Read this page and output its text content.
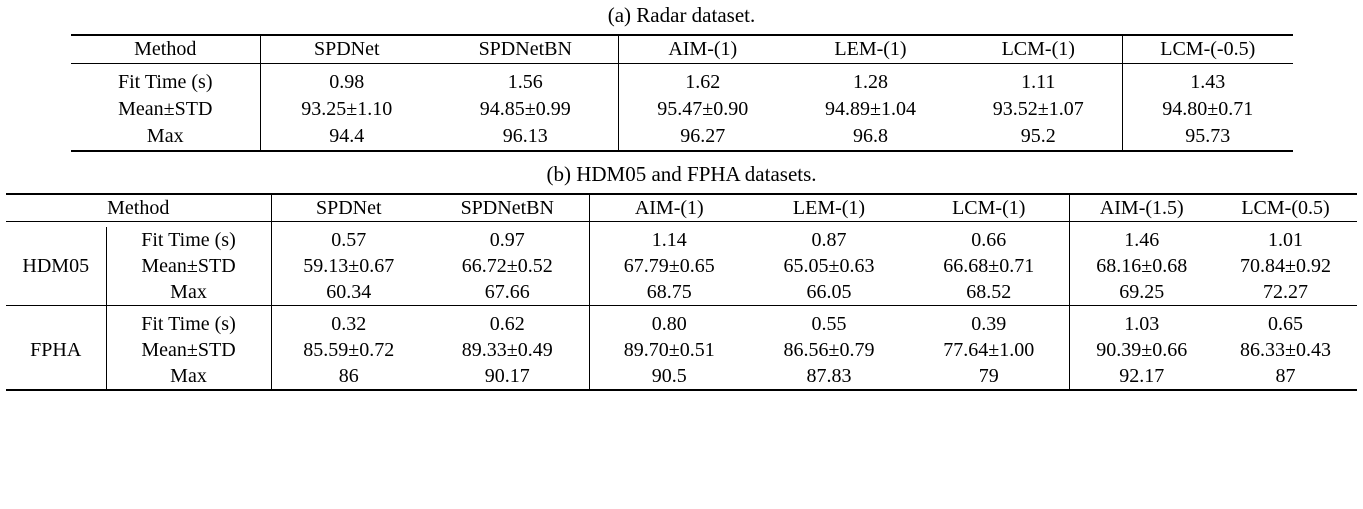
(a) Radar dataset.
Method	SPDNet	SPDNetBN	AIM-(1)	LEM-(1)	LCM-(1)	LCM-(-0.5)

Fit Time (s)	0.98	1.56	1.62	1.28	1.11	1.43
Mean±STD	93.25±1.10	94.85±0.99	95.47±0.90	94.89±1.04	93.52±1.07	94.80±0.71
Max	94.4	96.13	96.27	96.8	95.2	95.73

(b) HDM05 and FPHA datasets.
Method		SPDNet	SPDNetBN	AIM-(1)	LEM-(1)	LCM-(1)	AIM-(1.5)	LCM-(0.5)

HDM05	Fit Time (s)	0.57	0.97	1.14	0.87	0.66	1.46	1.01
	Mean±STD	59.13±0.67	66.72±0.52	67.79±0.65	65.05±0.63	66.68±0.71	68.16±0.68	70.84±0.92
	Max	60.34	67.66	68.75	66.05	68.52	69.25	72.27

FPHA	Fit Time (s)	0.32	0.62	0.80	0.55	0.39	1.03	0.65
	Mean±STD	85.59±0.72	89.33±0.49	89.70±0.51	86.56±0.79	77.64±1.00	90.39±0.66	86.33±0.43
	Max	86	90.17	90.5	87.83	79	92.17	87
